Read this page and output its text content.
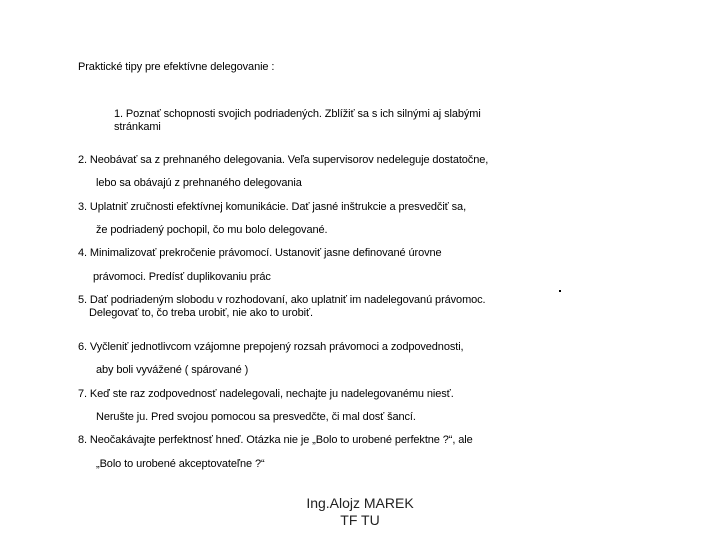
Praktické tipy pre efektívne delegovanie :
1. Poznať schopnosti svojich podriadených. Zblížiť sa s ich silnými aj slabými
stránkami
2. Neobávať sa z prehnaného delegovania. Veľa supervisorov nedeleguje dostatočne,
lebo sa obávajú z prehnaného delegovania
3. Uplatniť zručnosti efektívnej komunikácie. Dať jasné inštrukcie a presvedčiť sa,
že podriadený pochopil, čo mu bolo delegované.
4. Minimalizovať prekročenie právomocí. Ustanoviť jasne definované úrovne
právomoci. Predísť duplikovaniu prác
5. Dať podriadeným slobodu v rozhodovaní, ako uplatniť im nadelegovanú právomoc.
Delegovať to, čo treba urobiť, nie ako to urobiť.
6. Vyčleniť jednotlivcom vzájomne prepojený rozsah právomoci a zodpovednosti,
aby boli vyvážené ( spárované )
7. Keď ste raz zodpovednosť nadelegovali, nechajte ju nadelegovanému niesť.
Nerušte ju. Pred svojou pomocou sa presvedčte, či mal dosť šancí.
8. Neočakávajte perfektnosť hneď. Otázka nie je „Bolo to urobené perfektne ?“, ale
„Bolo to urobené akceptovateľne ?“
Ing.Alojz MAREK
TF TU
